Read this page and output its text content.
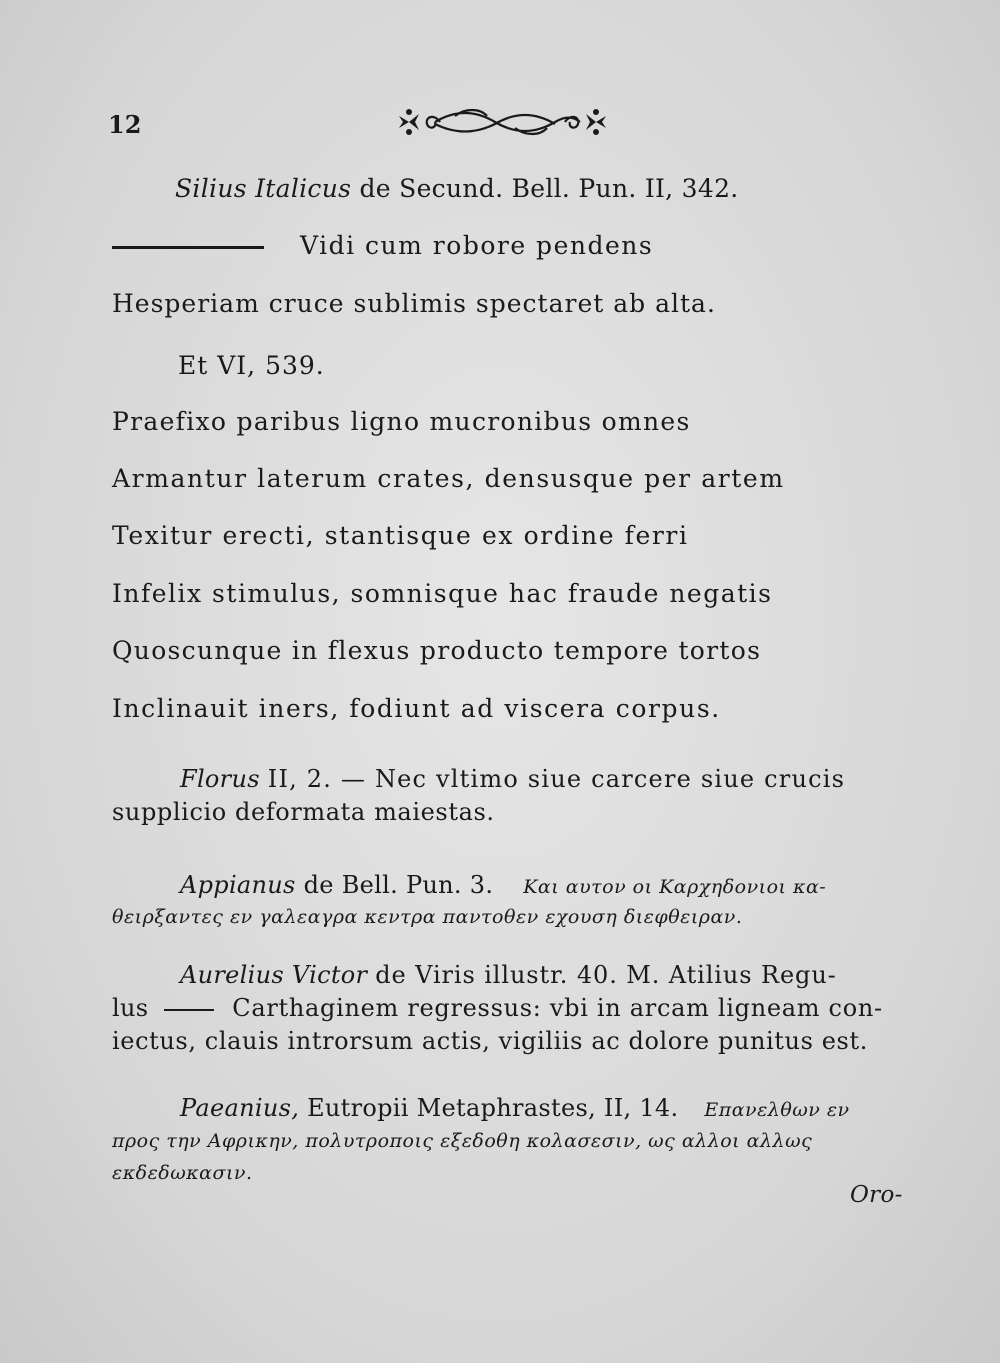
12
Silius Italicus de Secund. Bell. Pun. II, 342.
Vidi cum robore pendens
Hesperiam cruce sublimis spectaret ab alta.
Et VI, 539.
Praefixo paribus ligno mucronibus omnes
Armantur laterum crates, densusque per artem
Texitur erecti, stantisque ex ordine ferri
Infelix stimulus, somnisque hac fraude negatis
Quoscunque in flexus producto tempore tortos
Inclinauit iners, fodiunt ad viscera corpus.
Florus II, 2. — Nec vltimo siue carcere siue crucis
supplicio deformata maiestas.
Appianus de Bell. Pun. 3. Και αυτον οι Καρχηδονιοι κα-
θειρξαντες εν γαλεαγρα κεντρα παντοθεν εχουση διεφθειραν.
Aurelius Victor de Viris illustr. 40. M. Atilius Regu-
lus	Carthaginem regressus: vbi in arcam ligneam con-
iectus, clauis introrsum actis, vigiliis ac dolore punitus est.
Paeanius, Eutropii Metaphrastes, II, 14. Επανελθων εν
προς την Αφρικην, πολυτροποις εξεδοθη κολασεσιν, ως αλλοι αλλως
εκδεδωκασιν.
Oro-
